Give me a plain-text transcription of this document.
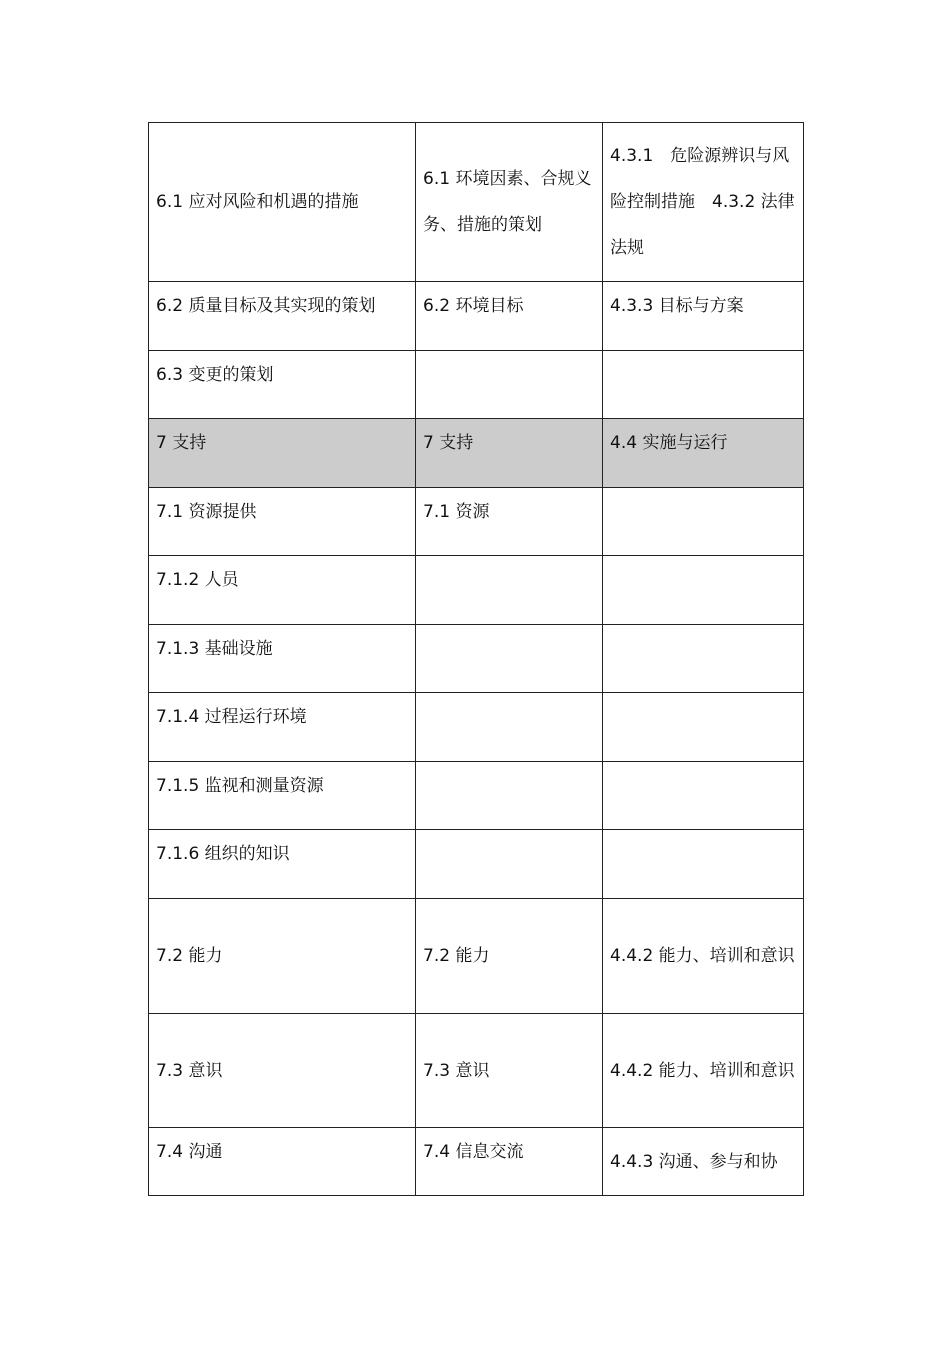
6.1 应对风险和机遇的措施	6.1 环境因素、合规义务、措施的策划	4.3.1　危险源辨识与风险控制措施　4.3.2 法律法规
6.2 质量目标及其实现的策划	6.2 环境目标	4.3.3 目标与方案
6.3 变更的策划		
7 支持	7 支持	4.4 实施与运行
7.1 资源提供	7.1 资源	
7.1.2 人员		
7.1.3 基础设施		
7.1.4 过程运行环境		
7.1.5 监视和测量资源		
7.1.6 组织的知识		
7.2 能力	7.2 能力	4.4.2 能力、培训和意识
7.3 意识	7.3 意识	4.4.2 能力、培训和意识
7.4 沟通	7.4 信息交流	4.4.3 沟通、参与和协
